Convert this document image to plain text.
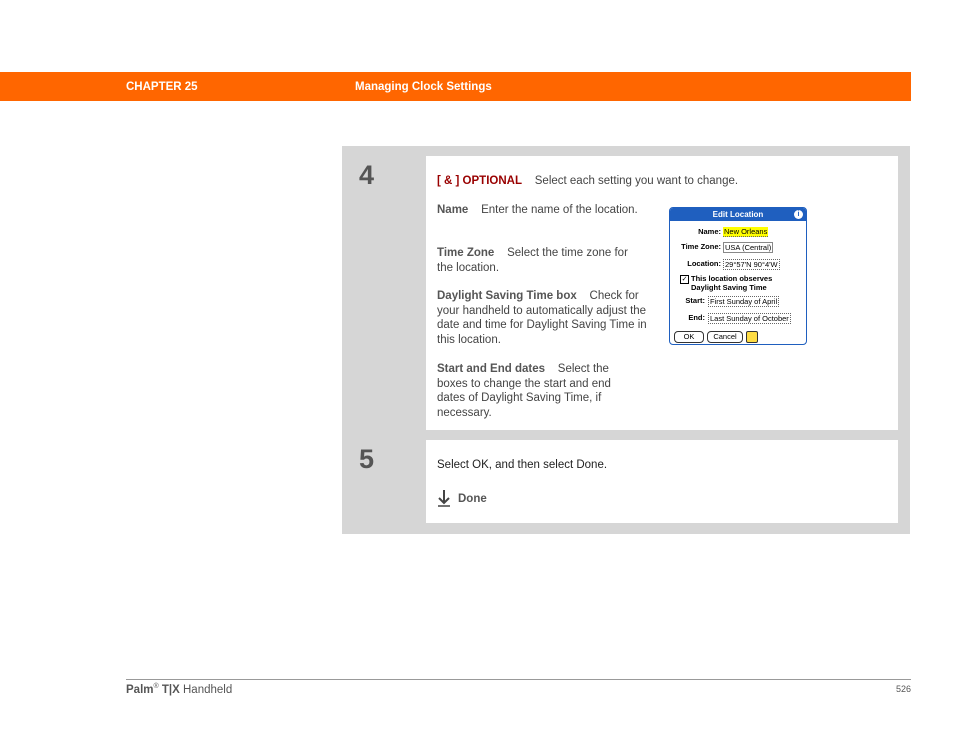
CHAPTER 25	Managing Clock Settings
4	[ & ] OPTIONAL Select each setting you want to change.
Name Enter the name of the location.
Time Zone Select the time zone for the location.
Daylight Saving Time box Check for your handheld to automatically adjust the date and time for Daylight Saving Time in this location.
Start and End dates Select the boxes to change the start and end dates of Daylight Saving Time, if necessary.
Edit Location	i
Name: New Orleans
Time Zone: USA (Central)
Location: 29°57'N 90°4'W
✓ This location observes
Daylight Saving Time
Start: First Sunday of April
End: Last Sunday of October
OK	Cancel
5	Select OK, and then select Done.
Done
Palm® T|X Handheld	526
